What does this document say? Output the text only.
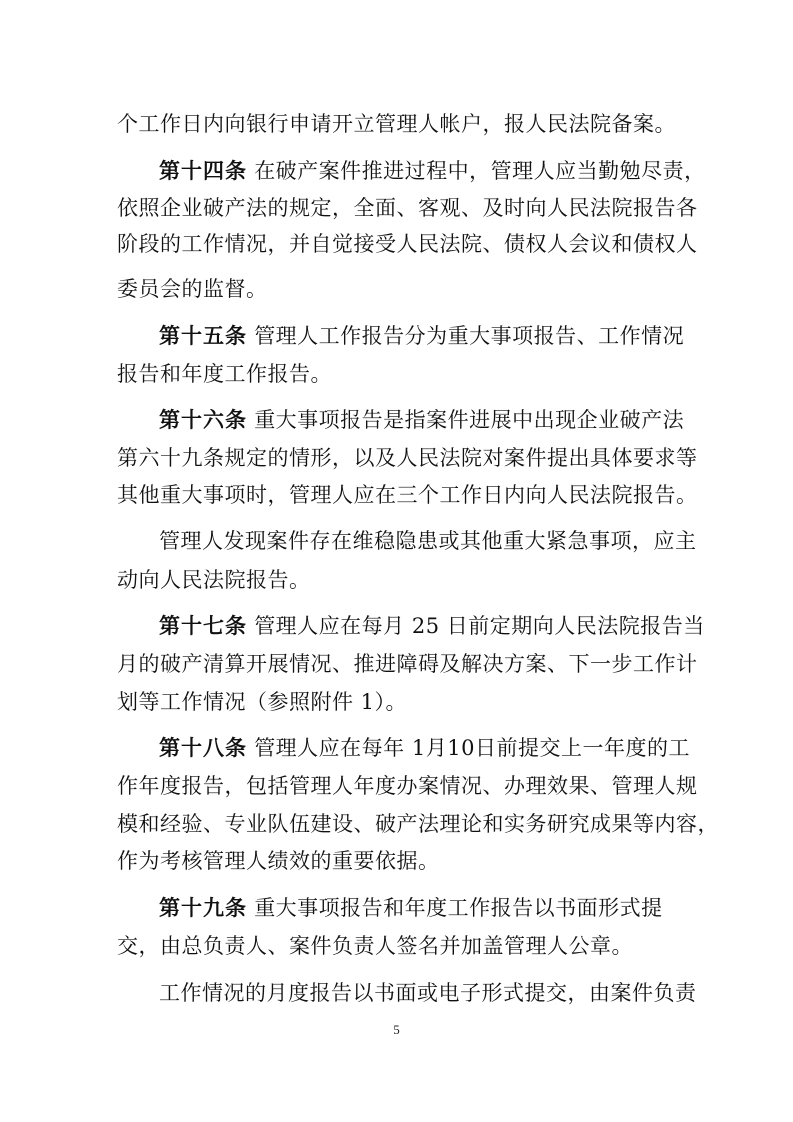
个工作日内向银行申请开立管理人帐户，报人民法院备案。
第十四条 在破产案件推进过程中，管理人应当勤勉尽责，
依照企业破产法的规定，全面、客观、及时向人民法院报告各
阶段的工作情况，并自觉接受人民法院、债权人会议和债权人
委员会的监督。
第十五条 管理人工作报告分为重大事项报告、工作情况
报告和年度工作报告。
第十六条 重大事项报告是指案件进展中出现企业破产法
第六十九条规定的情形，以及人民法院对案件提出具体要求等
其他重大事项时，管理人应在三个工作日内向人民法院报告。
管理人发现案件存在维稳隐患或其他重大紧急事项，应主
动向人民法院报告。
第十七条 管理人应在每月 25 日前定期向人民法院报告当
月的破产清算开展情况、推进障碍及解决方案、下一步工作计
划等工作情况（参照附件 1）。
第十八条 管理人应在每年 1月10日前提交上一年度的工
作年度报告，包括管理人年度办案情况、办理效果、管理人规
模和经验、专业队伍建设、破产法理论和实务研究成果等内容，
作为考核管理人绩效的重要依据。
第十九条 重大事项报告和年度工作报告以书面形式提
交，由总负责人、案件负责人签名并加盖管理人公章。
工作情况的月度报告以书面或电子形式提交，由案件负责
5
